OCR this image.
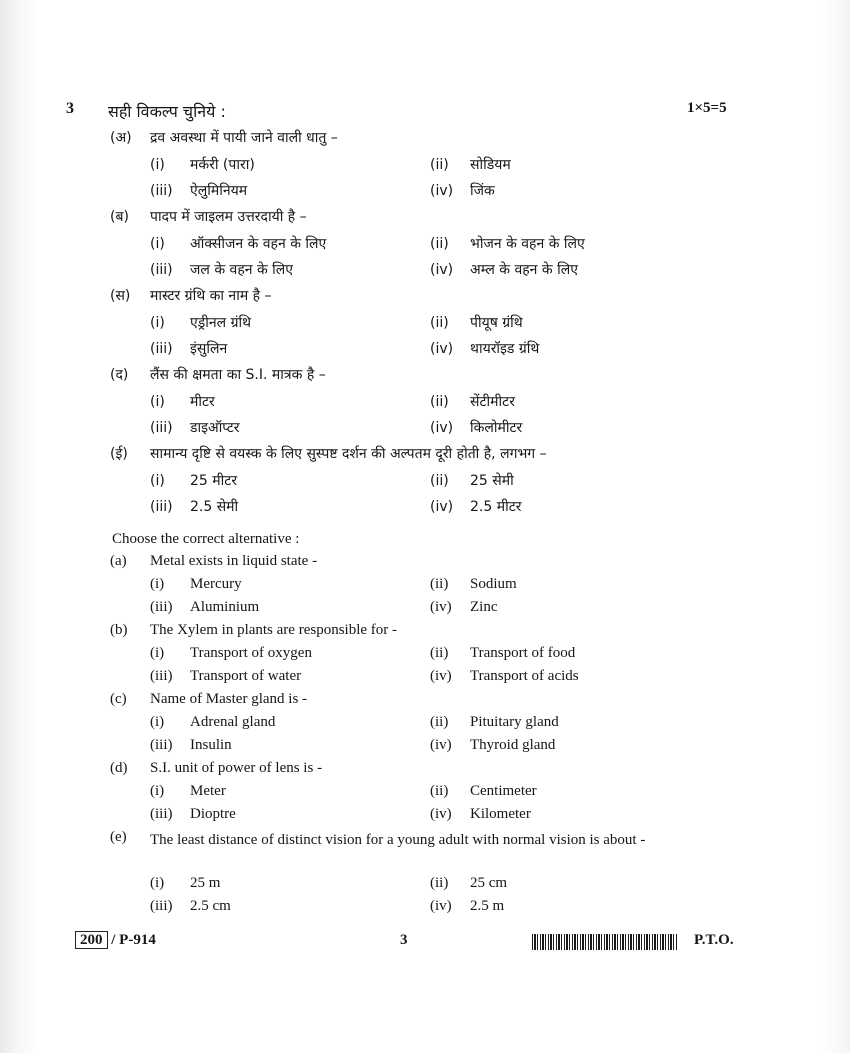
3 सही विकल्प चुनिये :	1×5=5
(अ) द्रव अवस्था में पायी जाने वाली धातु –
(i) मर्करी (पारा)	(ii) सोडियम
(iii) ऐलुमिनियम	(iv) जिंक
(ब) पादप में जाइलम उत्तरदायी है –
(i) ऑक्सीजन के वहन के लिए	(ii) भोजन के वहन के लिए
(iii) जल के वहन के लिए	(iv) अम्ल के वहन के लिए
(स) मास्टर ग्रंथि का नाम है –
(i) एड्रीनल ग्रंथि	(ii) पीयूष ग्रंथि
(iii) इंसुलिन	(iv) थायरॉइड ग्रंथि
(द) लैंस की क्षमता का S.I. मात्रक है –
(i) मीटर	(ii) सेंटीमीटर
(iii) डाइऑप्टर	(iv) किलोमीटर
(ई) सामान्य दृष्टि से वयस्क के लिए सुस्पष्ट दर्शन की अल्पतम दूरी होती है, लगभग –
(i) 25 मीटर	(ii) 25 सेमी
(iii) 2.5 सेमी	(iv) 2.5 मीटर
Choose the correct alternative :
(a) Metal exists in liquid state -
(i) Mercury	(ii) Sodium
(iii) Aluminium	(iv) Zinc
(b) The Xylem in plants are responsible for -
(i) Transport of oxygen	(ii) Transport of food
(iii) Transport of water	(iv) Transport of acids
(c) Name of Master gland is -
(i) Adrenal gland	(ii) Pituitary gland
(iii) Insulin	(iv) Thyroid gland
(d) S.I. unit of power of lens is -
(i) Meter	(ii) Centimeter
(iii) Dioptre	(iv) Kilometer
(e) The least distance of distinct vision for a young adult with normal vision is about -
(i) 25 m	(ii) 25 cm
(iii) 2.5 cm	(iv) 2.5 m
200 / P-914	3	P.T.O.
